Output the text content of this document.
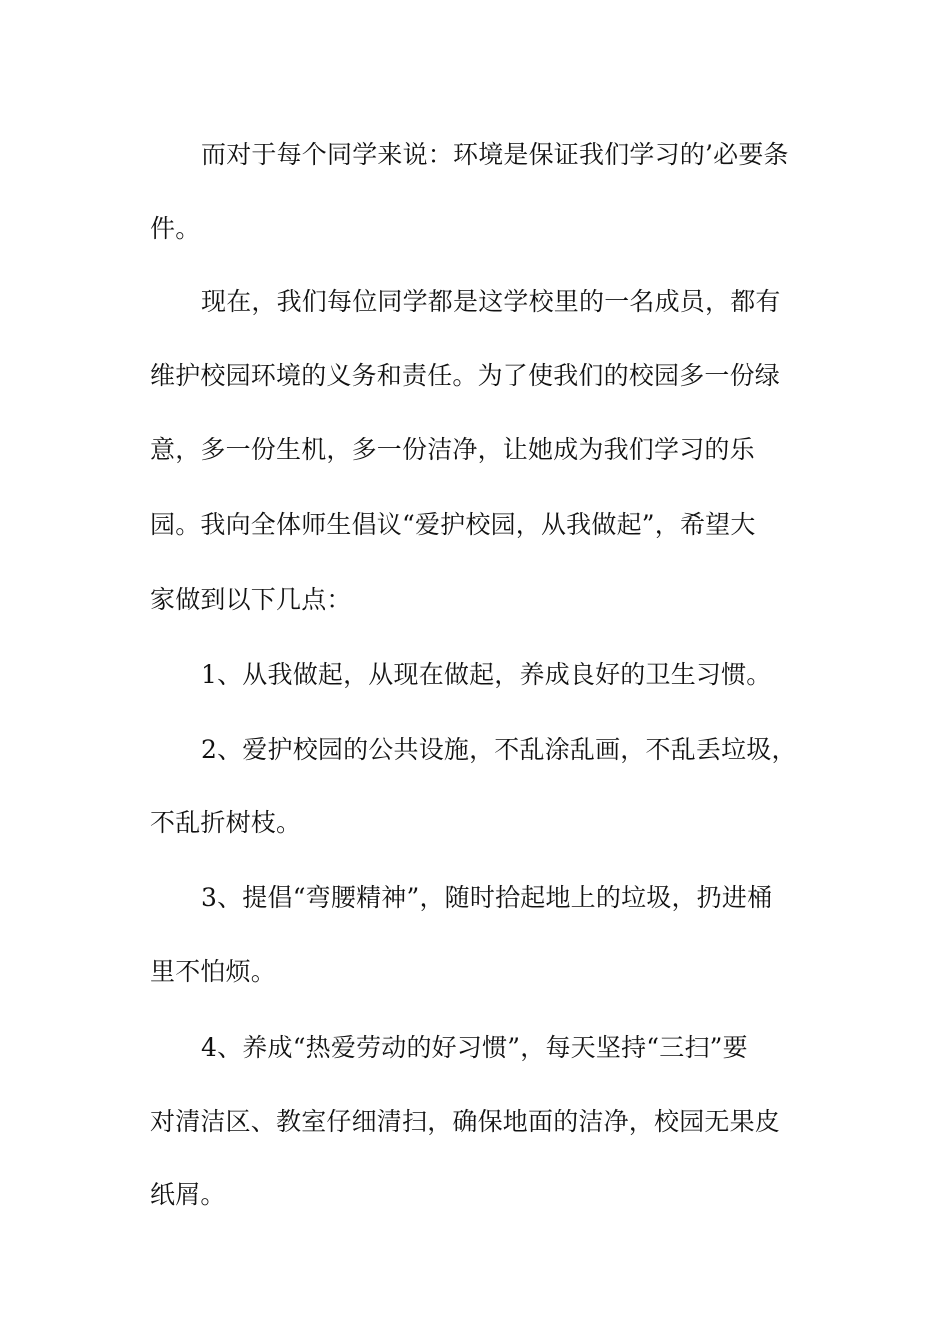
而对于每个同学来说：环境是保证我们学习的’必要条
件。
现在，我们每位同学都是这学校里的一名成员，都有
维护校园环境的义务和责任。为了使我们的校园多一份绿
意，多一份生机，多一份洁净，让她成为我们学习的乐
园。我向全体师生倡议“爱护校园，从我做起”，希望大
家做到以下几点：
1、从我做起，从现在做起，养成良好的卫生习惯。
2、爱护校园的公共设施，不乱涂乱画，不乱丢垃圾，
不乱折树枝。
3、提倡“弯腰精神”，随时拾起地上的垃圾，扔进桶
里不怕烦。
4、养成“热爱劳动的好习惯”，每天坚持“三扫”要
对清洁区、教室仔细清扫，确保地面的洁净，校园无果皮
纸屑。
